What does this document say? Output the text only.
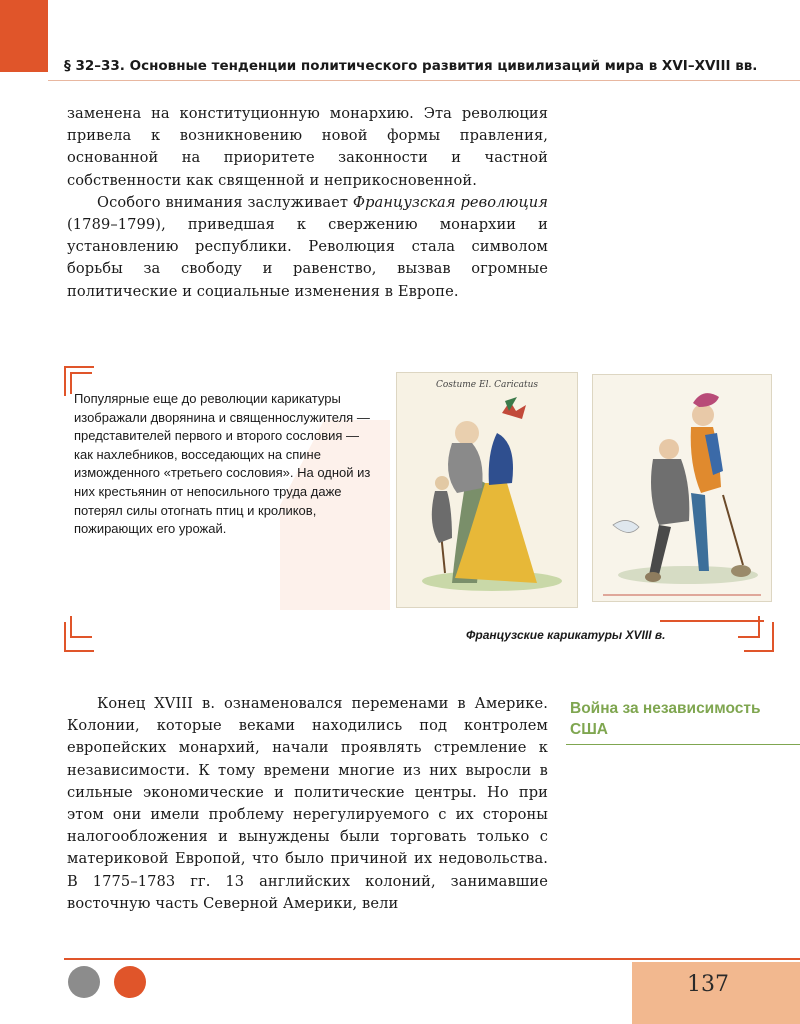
§ 32–33. Основные тенденции политического развития цивилизаций мира в XVI–XVIII вв.

заменена на конституционную монархию. Эта революция привела к возникновению новой формы правления, основанной на приоритете законности и частной собственности как священной и неприкосновенной.

Особого внимания заслуживает Французская революция (1789–1799), приведшая к свержению монархии и установлению республики. Революция стала символом борьбы за свободу и равенство, вызвав огромные политические и социальные изменения в Европе.

Популярные еще до революции карикатуры изображали дворянина и священнослужителя — представителей первого и второго сословия — как нахлебников, восседающих на спине изможденного «третьего сословия». На одной из них крестьянин от непосильного труда даже потерял силы отогнать птиц и кроликов, пожирающих его урожай.
Costume El. Caricatus
Французские карикатуры XVIII в.
Война за независимость США

Конец XVIII в. ознаменовался переменами в Америке. Колонии, которые веками находились под контролем европейских монархий, начали проявлять стремление к независимости. К тому времени многие из них выросли в сильные экономические и политические центры. Но при этом они имели проблему нерегулируемого с их стороны налогообложения и вынуждены были торговать только с материковой Европой, что было причиной их недовольства. В 1775–1783 гг. 13 английских колоний, занимавшие восточную часть Северной Америки, вели

137
